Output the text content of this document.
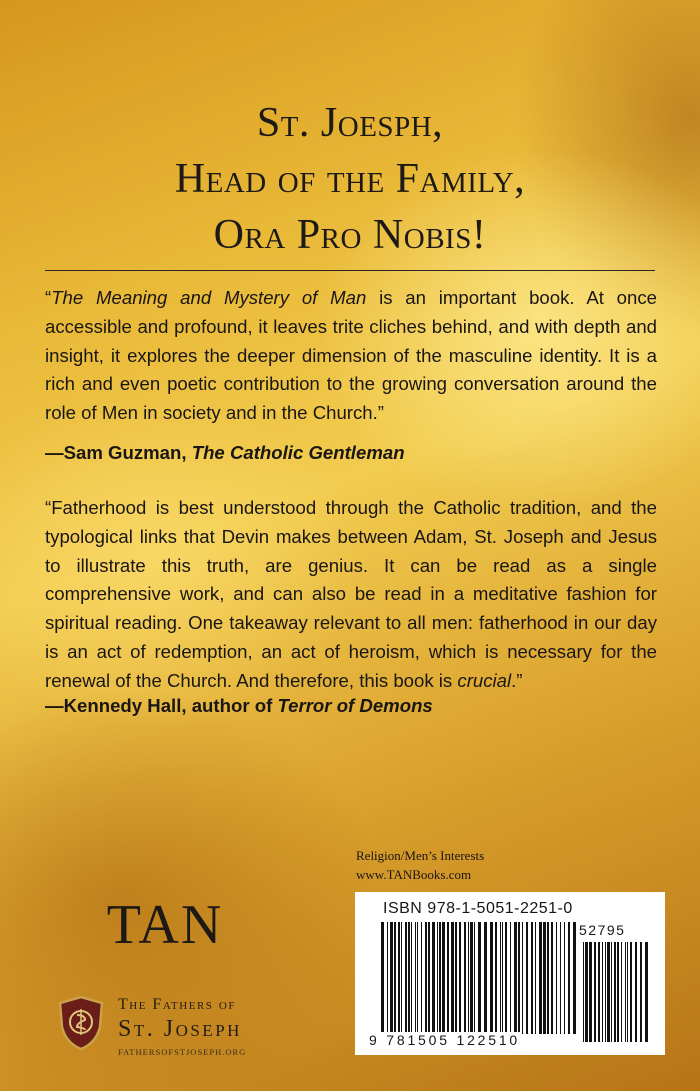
St. Joesph,
Head of the Family,
Ora Pro Nobis!
“The Meaning and Mystery of Man is an important book. At once accessible and profound, it leaves trite cliches behind, and with depth and insight, it explores the deeper dimension of the masculine identity. It is a rich and even poetic contribution to the growing conversation around the role of Men in society and in the Church.”
—Sam Guzman, The Catholic Gentleman
“Fatherhood is best understood through the Catholic tradition, and the typological links that Devin makes between Adam, St. Joseph and Jesus to illustrate this truth, are genius. It can be read as a single comprehensive work, and can also be read in a meditative fashion for spiritual reading. One takeaway relevant to all men: fatherhood in our day is an act of redemption, an act of heroism, which is necessary for the renewal of the Church. And therefore, this book is crucial.”
—Kennedy Hall, author of Terror of Demons
Religion/Men’s Interests
www.TANBooks.com
ISBN 978-1-5051-2251-0
52795
9 781505 122510
TAN
The Fathers of
St. Joseph
FATHERSOFSTJOSEPH.ORG
